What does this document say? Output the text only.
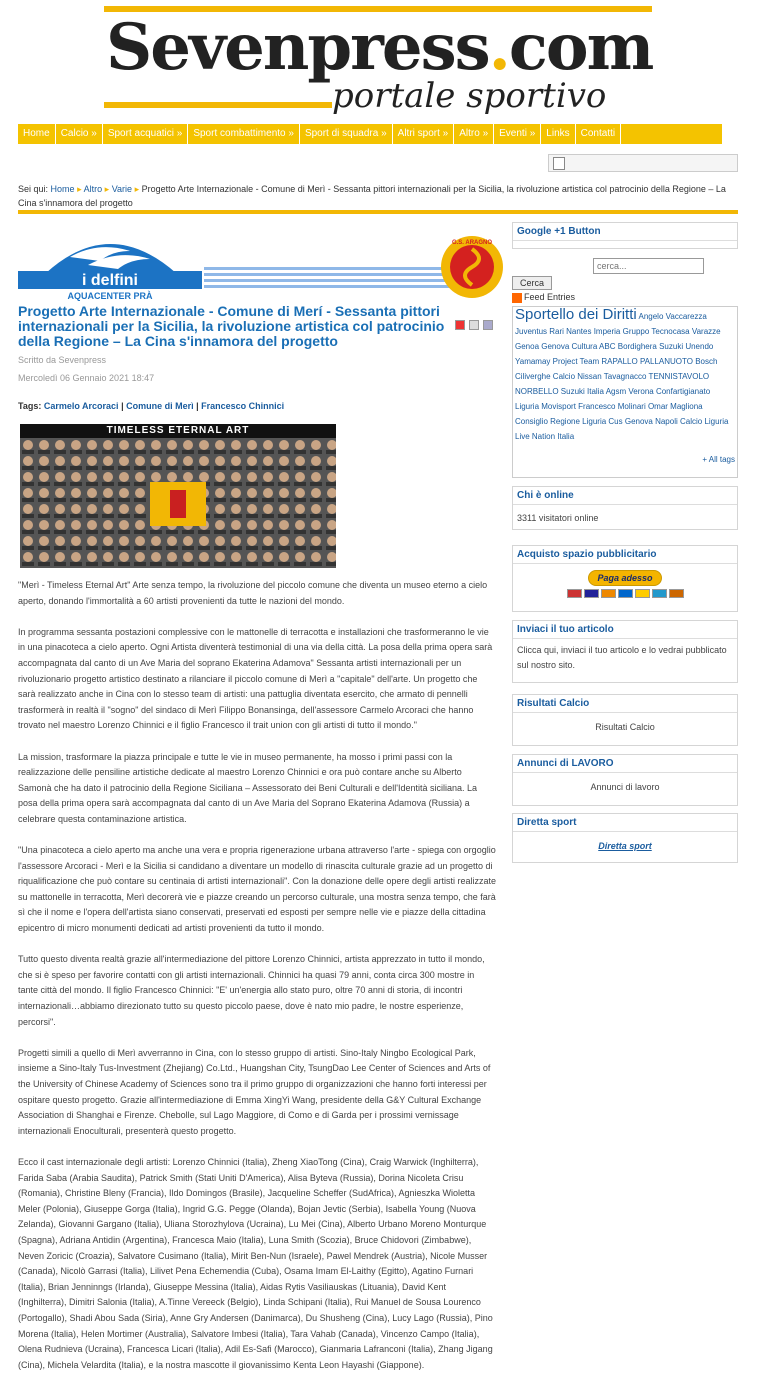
Sevenpress.com
portale sportivo
Home	Calcio »	Sport acquatici »	Sport combattimento »	Sport di squadra »	Altri sport »	Altro »	Eventi »	Links	Contatti
Sei qui: Home ▸ Altro ▸ Varie ▸ Progetto Arte Internazionale - Comune di Merì - Sessanta pittori internazionali per la Sicilia, la rivoluzione artistica col patrocinio della Regione – La Cina s'innamora del progetto
i delfini
AQUACENTER PRÀ
G.S. ARAGNO
Progetto Arte Internazionale - Comune di Merí - Sessanta pittori internazionali per la Sicilia, la rivoluzione artistica col patrocinio della Regione – La Cina s'innamora del progetto
Scritto da Sevenpress
Mercoledì 06 Gennaio 2021 18:47
Tags: Carmelo Arcoraci | Comune di Merì | Francesco Chinnici
TIMELESS ETERNAL ART

"Merì - Timeless Eternal Art" Arte senza tempo, la rivoluzione del piccolo comune che diventa un museo eterno a cielo aperto, donando l'immortalità a 60 artisti provenienti da tutte le nazioni del mondo.

In programma sessanta postazioni complessive con le mattonelle di terracotta e installazioni che trasformeranno le vie in una pinacoteca a cielo aperto. Ogni Artista diventerà testimonial di una via della città. La posa della prima opera sarà accompagnata dal canto di un Ave Maria del soprano Ekaterina Adamova" Sessanta artisti internazionali per un rivoluzionario progetto artistico destinato a rilanciare il piccolo comune di Merì a "capitale" dell'arte. Un progetto che sarà realizzato anche in Cina con lo stesso team di artisti: una pattuglia diventata esercito, che armato di pennelli trasformerà in realtà il "sogno" del sindaco di Merì Filippo Bonansinga, dell'assessore Carmelo Arcoraci che hanno trovato nel maestro Lorenzo Chinnici e il figlio Francesco il trait union con gli artisti di tutto il mondo."

La mission, trasformare la piazza principale e tutte le vie in museo permanente, ha mosso i primi passi con la realizzazione delle pensiline artistiche dedicate al maestro Lorenzo Chinnici e ora può contare anche su Alberto Samonà che ha dato il patrocinio della Regione Siciliana – Assessorato dei Beni Culturali e dell'Identità siciliana. La posa della prima opera sarà accompagnata dal canto di un Ave Maria del Soprano Ekaterina Adamova (Russia) a celebrare questa contaminazione artistica.

"Una pinacoteca a cielo aperto ma anche una vera e propria rigenerazione urbana attraverso l'arte - spiega con orgoglio l'assessore Arcoraci - Merì e la Sicilia si candidano a diventare un modello di rinascita culturale grazie ad un progetto di riqualificazione che può contare su centinaia di artisti internazionali". Con la donazione delle opere degli artisti realizzate su mattonelle in terracotta, Merì decorerà vie e piazze creando un percorso culturale, una mostra senza tempo, che farà sì che il nome e l'opera dell'artista siano conservati, preservati ed esposti per sempre nelle vie e piazze della cittadina epicentro di micro monumenti dedicati ad artisti provenienti da tutto il mondo.

Tutto questo diventa realtà grazie all'intermediazione del pittore Lorenzo Chinnici, artista apprezzato in tutto il mondo, che si è speso per favorire contatti con gli artisti internazionali. Chinnici ha quasi 79 anni, conta circa 300 mostre in tante città del mondo. Il figlio Francesco Chinnici: "E' un'energia allo stato puro, oltre 70 anni di storia, di incontri internazionali…abbiamo direzionato tutto su questo piccolo paese, dove è nato mio padre, le nostre esperienze, percorsi".

Progetti simili a quello di Merì avverranno in Cina, con lo stesso gruppo di artisti. Sino-Italy Ningbo Ecological Park, insieme a Sino-Italy Tus-Investment (Zhejiang) Co.Ltd., Huangshan City, TsungDao Lee Center of Sciences and Arts of the University of Chinese Academy of Sciences sono tra il primo gruppo di organizzazioni che hanno forti interessi per ospitare questo progetto. Grazie all'intermediazione di Emma XingYi Wang, presidente della G&Y Cultural Exchange Association di Shanghai e Firenze. Chebolle, sul Lago Maggiore, di Como e di Garda per i prossimi vernissage internazionali Enoculturali, presenterà questo progetto.

Ecco il cast internazionale degli artisti: Lorenzo Chinnici (Italia), Zheng XiaoTong (Cina), Craig Warwick (Inghilterra), Farida Saba (Arabia Saudita), Patrick Smith (Stati Uniti D'America), Alisa Byteva (Russia), Dorina Nicoleta Crisu (Romania), Christine Bleny (Francia), Ildo Domingos (Brasile), Jacqueline Scheffer (SudAfrica), Agnieszka Wioletta Meler (Polonia), Giuseppe Gorga (Italia), Ingrid G.G. Pegge (Olanda), Bojan Jevtic (Serbia), Isabella Young (Nuova Zelanda), Giovanni Gargano (Italia), Uliana Storozhylova (Ucraina), Lu Mei (Cina), Alberto Urbano Moreno Monturque (Spagna), Adriana Antidin (Argentina), Francesca Maio (Italia), Luna Smith (Scozia), Bruce Chidovori (Zimbabwe), Neven Zoricic (Croazia), Salvatore Cusimano (Italia), Mirit Ben-Nun (Israele), Pawel Mendrek (Austria), Nicole Musser (Canada), Nicolò Garrasi (Italia), Lilivet Pena Echemendia (Cuba), Osama Imam El-Laithy (Egitto), Agatino Furnari (Italia), Brian Jenninngs (Irlanda), Giuseppe Messina (Italia), Aidas Rytis Vasiliauskas (Lituania), David Kent (Inghilterra), Dimitri Salonia (Italia), A.Tinne Vereeck (Belgio), Linda Schipani (Italia), Rui Manuel de Sousa Lourenco (Portogallo), Shadi Abou Sada (Siria), Anne Gry Andersen (Danimarca), Du Shusheng (Cina), Lucy Lago (Russia), Pino Morena (Italia), Helen Mortimer (Australia), Salvatore Imbesi (Italia), Tara Vahab (Canada), Vincenzo Campo (Italia), Olena Rudnieva (Ucraina), Francesca Licari (Italia), Adil Es-Safi (Marocco), Gianmaria Lafranconi (Italia), Zhang Jigang (Cina), Michela Velardita (Italia), e la nostra mascotte il giovanissimo Kenta Leon Hayashi (Giappone).

Google +1 Button
cerca...
Cerca
Feed Entries
Sportello dei Diritti Angelo Vaccarezza Juventus Rari Nantes Imperia Gruppo Tecnocasa Varazze Genoa Genova Cultura ABC Bordighera Suzuki Unendo Yamamay Project Team RAPALLO PALLANUOTO Bosch Ciliverghe Calcio Nissan Tavagnacco TENNISTAVOLO NORBELLO Suzuki Italia Agsm Verona Confartigianato Liguria Movisport Francesco Molinari Omar Magliona Consiglio Regione Liguria Cus Genova Napoli Calcio Liguria Live Nation Italia
+ All tags
Chi è online
3311 visitatori online
Acquisto spazio pubblicitario
Paga adesso
Inviaci il tuo articolo
Clicca qui, inviaci il tuo articolo e lo vedrai pubblicato sul nostro sito.
Risultati Calcio
Risultati Calcio
Annunci di LAVORO
Annunci di lavoro
Diretta sport
Diretta sport
